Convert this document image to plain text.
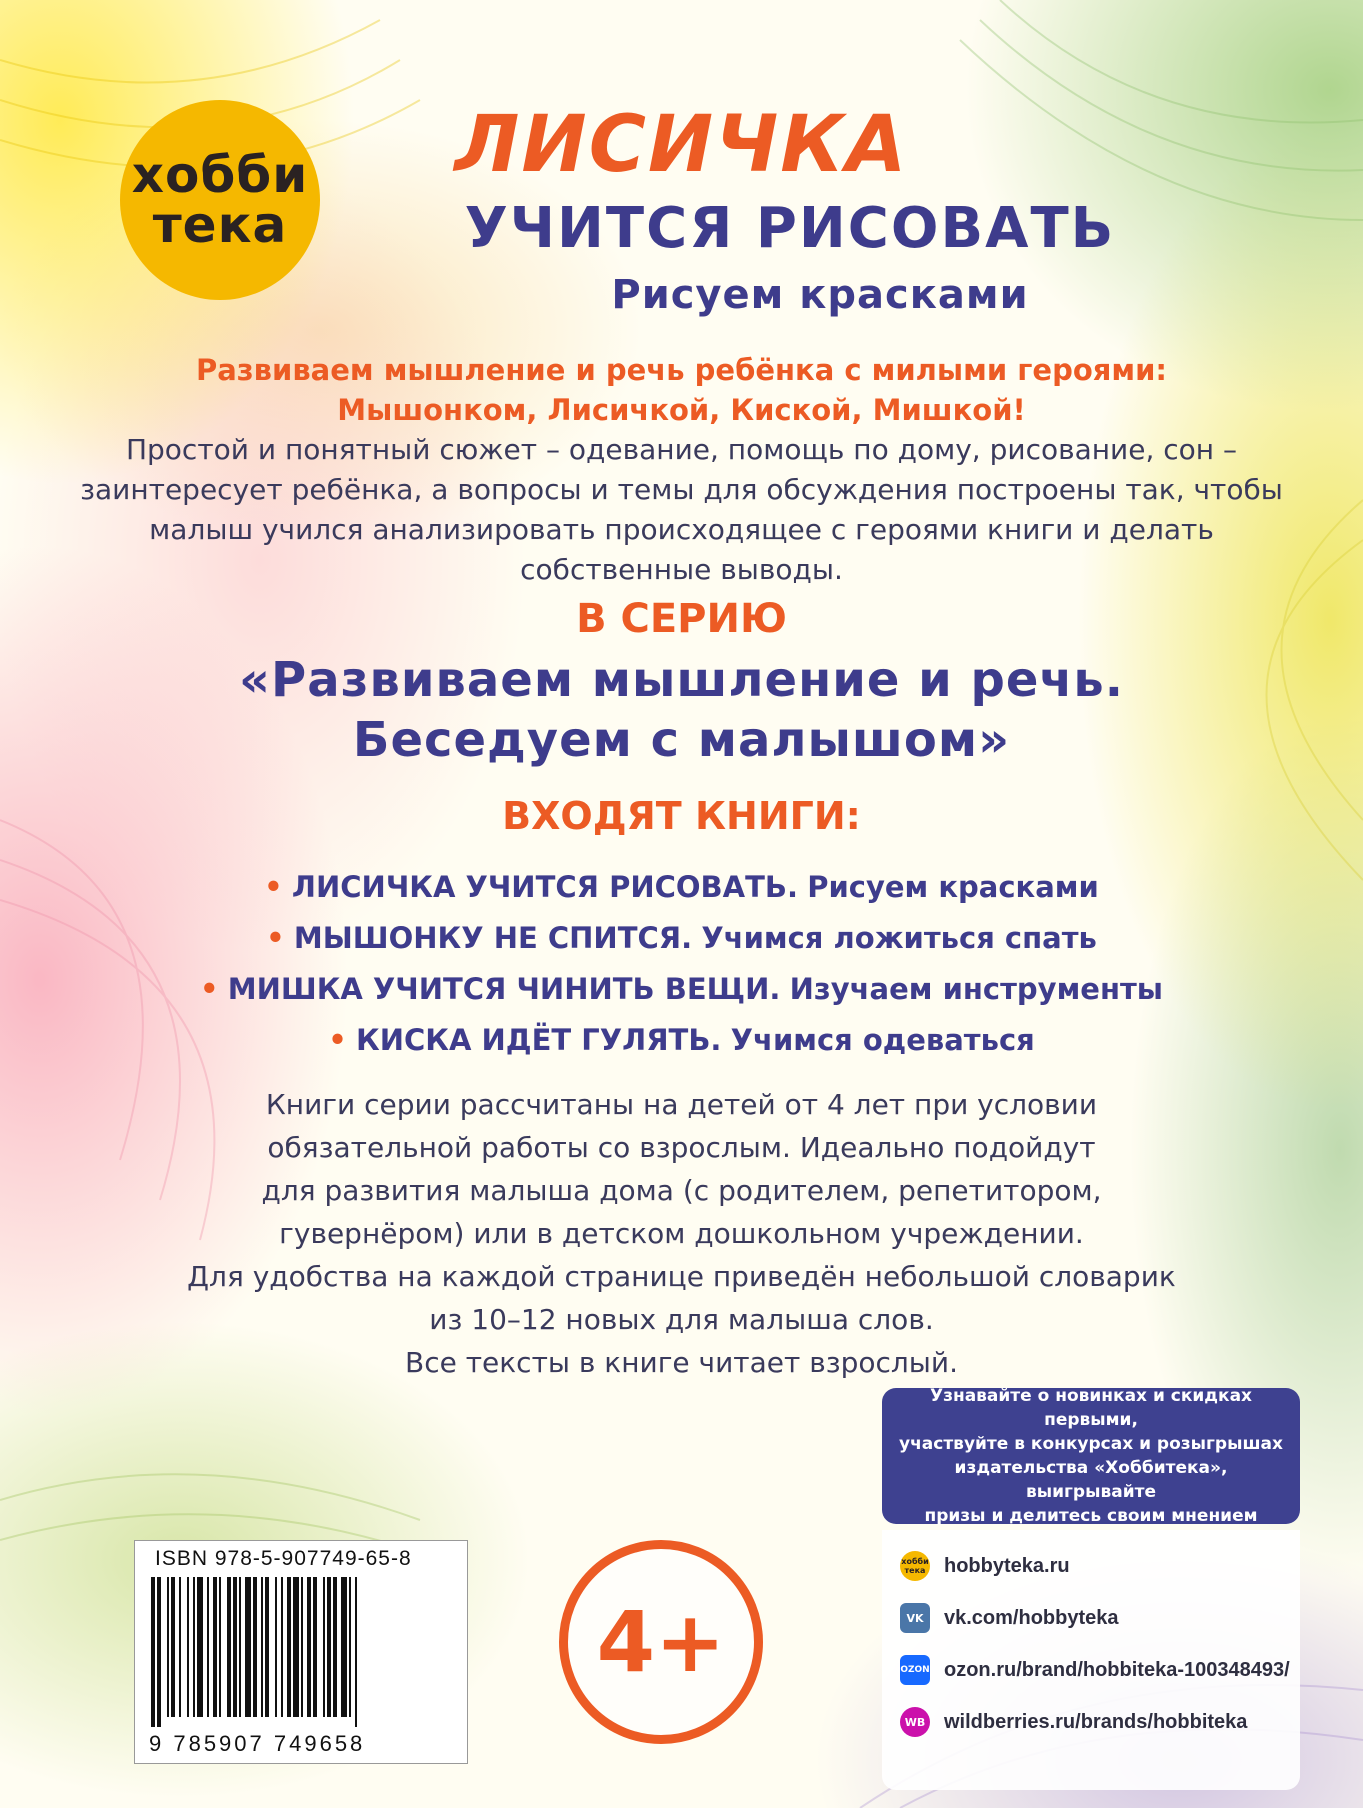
хобби
тека
ЛИСИЧКА
УЧИТСЯ РИСОВАТЬ
Рисуем красками
Развиваем мышление и речь ребёнка с милыми героями:
Мышонком, Лисичкой, Киской, Мишкой!
Простой и понятный сюжет – одевание, помощь по дому, рисование, сон –
заинтересует ребёнка, а вопросы и темы для обсуждения построены так, чтобы
малыш учился анализировать происходящее с героями книги и делать
собственные выводы.
В СЕРИЮ
«Развиваем мышление и речь.
Беседуем с малышом»
ВХОДЯТ КНИГИ:
• ЛИСИЧКА УЧИТСЯ РИСОВАТЬ. Рисуем красками
• МЫШОНКУ НЕ СПИТСЯ. Учимся ложиться спать
• МИШКА УЧИТСЯ ЧИНИТЬ ВЕЩИ. Изучаем инструменты
• КИСКА ИДЁТ ГУЛЯТЬ. Учимся одеваться
Книги серии рассчитаны на детей от 4 лет при условии
обязательной работы со взрослым. Идеально подойдут
для развития малыша дома (с родителем, репетитором,
гувернёром) или в детском дошкольном учреждении.
Для удобства на каждой странице приведён небольшой словарик
из 10–12 новых для малыша слов.
Все тексты в книге читает взрослый.
Узнавайте о новинках и скидках первыми,
участвуйте в конкурсах и розыгрышах
издательства «Хоббитека», выигрывайте
призы и делитесь своим мнением
хобби тека hobbyteka.ru
VK	vk.com/hobbyteka
OZON ozon.ru/brand/hobbiteka-100348493/
WB wildberries.ru/brands/hobbiteka
ISBN 978-5-907749-65-8
9 785907 749658
4+
